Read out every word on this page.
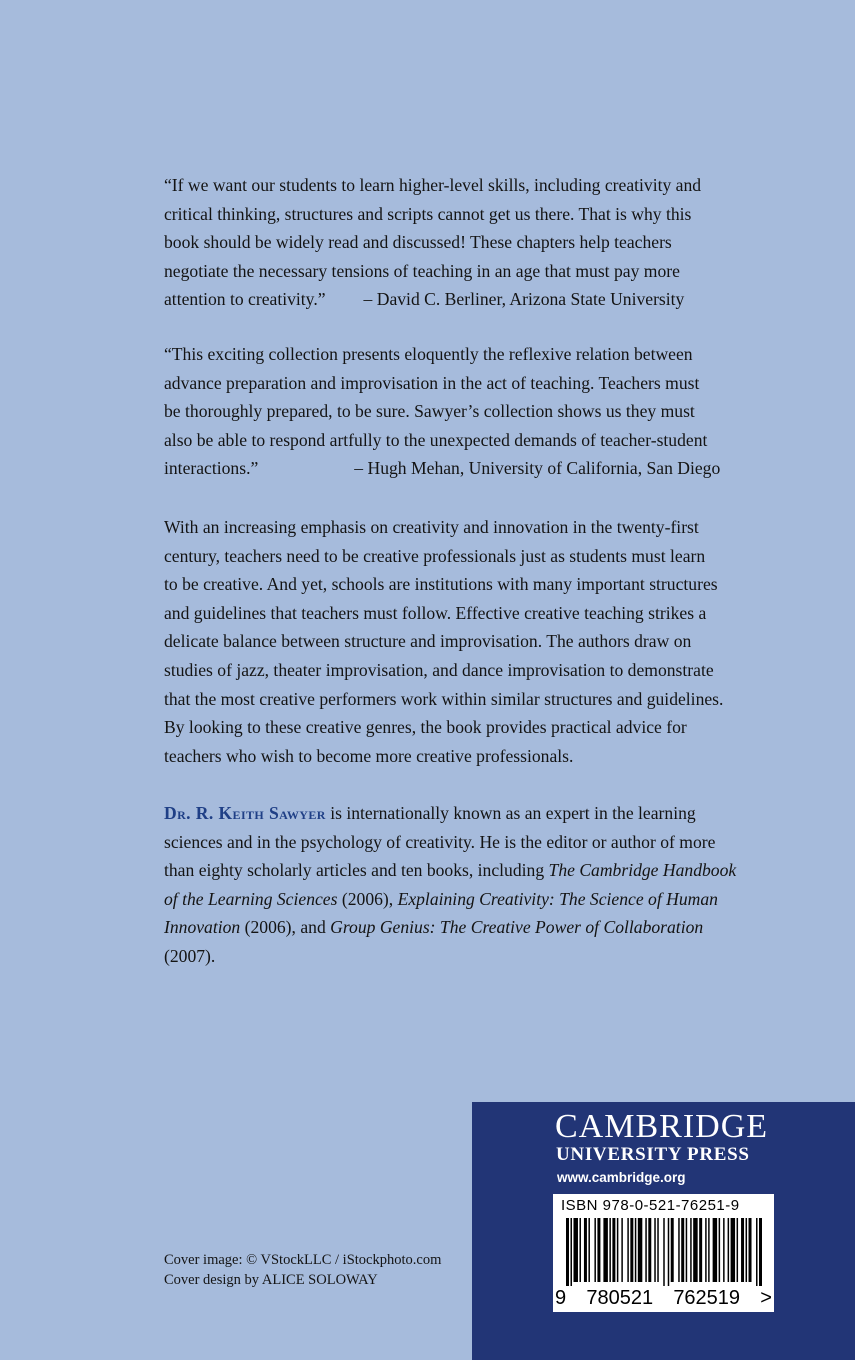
“If we want our students to learn higher-level skills, including creativity and
critical thinking, structures and scripts cannot get us there. That is why this
book should be widely read and discussed! These chapters help teachers
negotiate the necessary tensions of teaching in an age that must pay more
attention to creativity.” – David C. Berliner, Arizona State University
“This exciting collection presents eloquently the reflexive relation between
advance preparation and improvisation in the act of teaching. Teachers must
be thoroughly prepared, to be sure. Sawyer’s collection shows us they must
also be able to respond artfully to the unexpected demands of teacher-student
interactions.”	– Hugh Mehan, University of California, San Diego
With an increasing emphasis on creativity and innovation in the twenty-first
century, teachers need to be creative professionals just as students must learn
to be creative. And yet, schools are institutions with many important structures
and guidelines that teachers must follow. Effective creative teaching strikes a
delicate balance between structure and improvisation. The authors draw on
studies of jazz, theater improvisation, and dance improvisation to demonstrate
that the most creative performers work within similar structures and guidelines.
By looking to these creative genres, the book provides practical advice for
teachers who wish to become more creative professionals.
Dr. R. Keith Sawyer is internationally known as an expert in the learning
sciences and in the psychology of creativity. He is the editor or author of more
than eighty scholarly articles and ten books, including The Cambridge Handbook
of the Learning Sciences (2006), Explaining Creativity: The Science of Human
Innovation (2006), and Group Genius: The Creative Power of Collaboration
(2007).
Cover image: © VStockLLC / iStockphoto.com
Cover design by ALICE SOLOWAY
CAMBRIDGE
UNIVERSITY PRESS
www.cambridge.org
ISBN 978-0-521-76251-9
9 780521 762519 >
